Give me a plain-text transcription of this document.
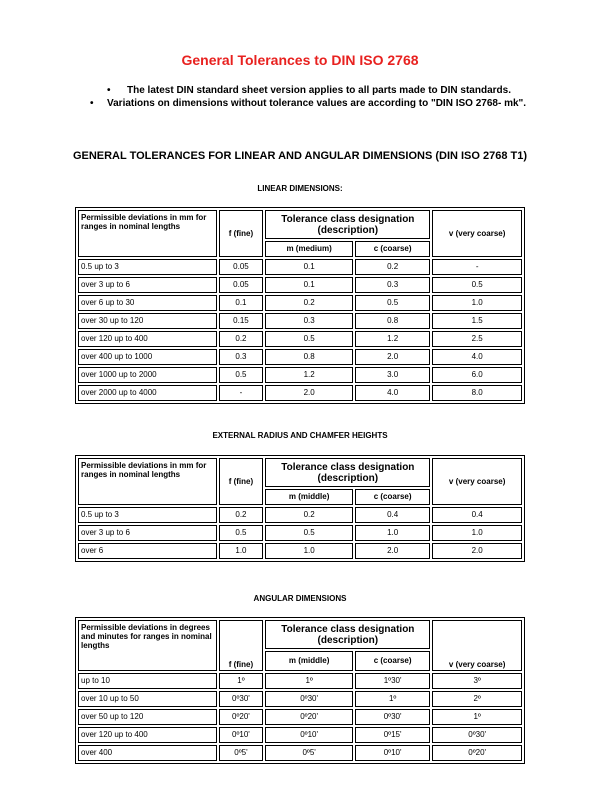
General Tolerances to DIN ISO 2768
• The latest DIN standard sheet version applies to all parts made to DIN standards.
• Variations on dimensions without tolerance values are according to "DIN ISO 2768- mk".
GENERAL TOLERANCES FOR LINEAR AND ANGULAR DIMENSIONS (DIN ISO 2768 T1)
LINEAR DIMENSIONS:
Permissible deviations in mm for ranges in nominal lengths	f (fine)	Tolerance class designation (description)		v (very coarse)
		m (medium)	c (coarse)	
0.5 up to 3	0.05	0.1	0.2	-
over 3 up to 6	0.05	0.1	0.3	0.5
over 6 up to 30	0.1	0.2	0.5	1.0
over 30 up to 120	0.15	0.3	0.8	1.5
over 120 up to 400	0.2	0.5	1.2	2.5
over 400 up to 1000	0.3	0.8	2.0	4.0
over 1000 up to 2000	0.5	1.2	3.0	6.0
over 2000 up to 4000	-	2.0	4.0	8.0
EXTERNAL RADIUS AND CHAMFER HEIGHTS
Permissible deviations in mm for ranges in nominal lengths	f (fine)	Tolerance class designation (description)		v (very coarse)
		m (middle)	c (coarse)	
0.5 up to 3	0.2	0.2	0.4	0.4
over 3 up to 6	0.5	0.5	1.0	1.0
over 6	1.0	1.0	2.0	2.0
ANGULAR DIMENSIONS
Permissible deviations in degrees and minutes for ranges in nominal lengths	f (fine)	Tolerance class designation (description)		v (very coarse)
		m (middle)	c (coarse)	
up to 10	1º	1º	1º30'	3º
over 10 up to 50	0º30'	0º30'	1º	2º
over 50 up to 120	0º20'	0º20'	0º30'	1º
over 120 up to 400	0º10'	0º10'	0º15'	0º30'
over 400	0º5'	0º5'	0º10'	0º20'
